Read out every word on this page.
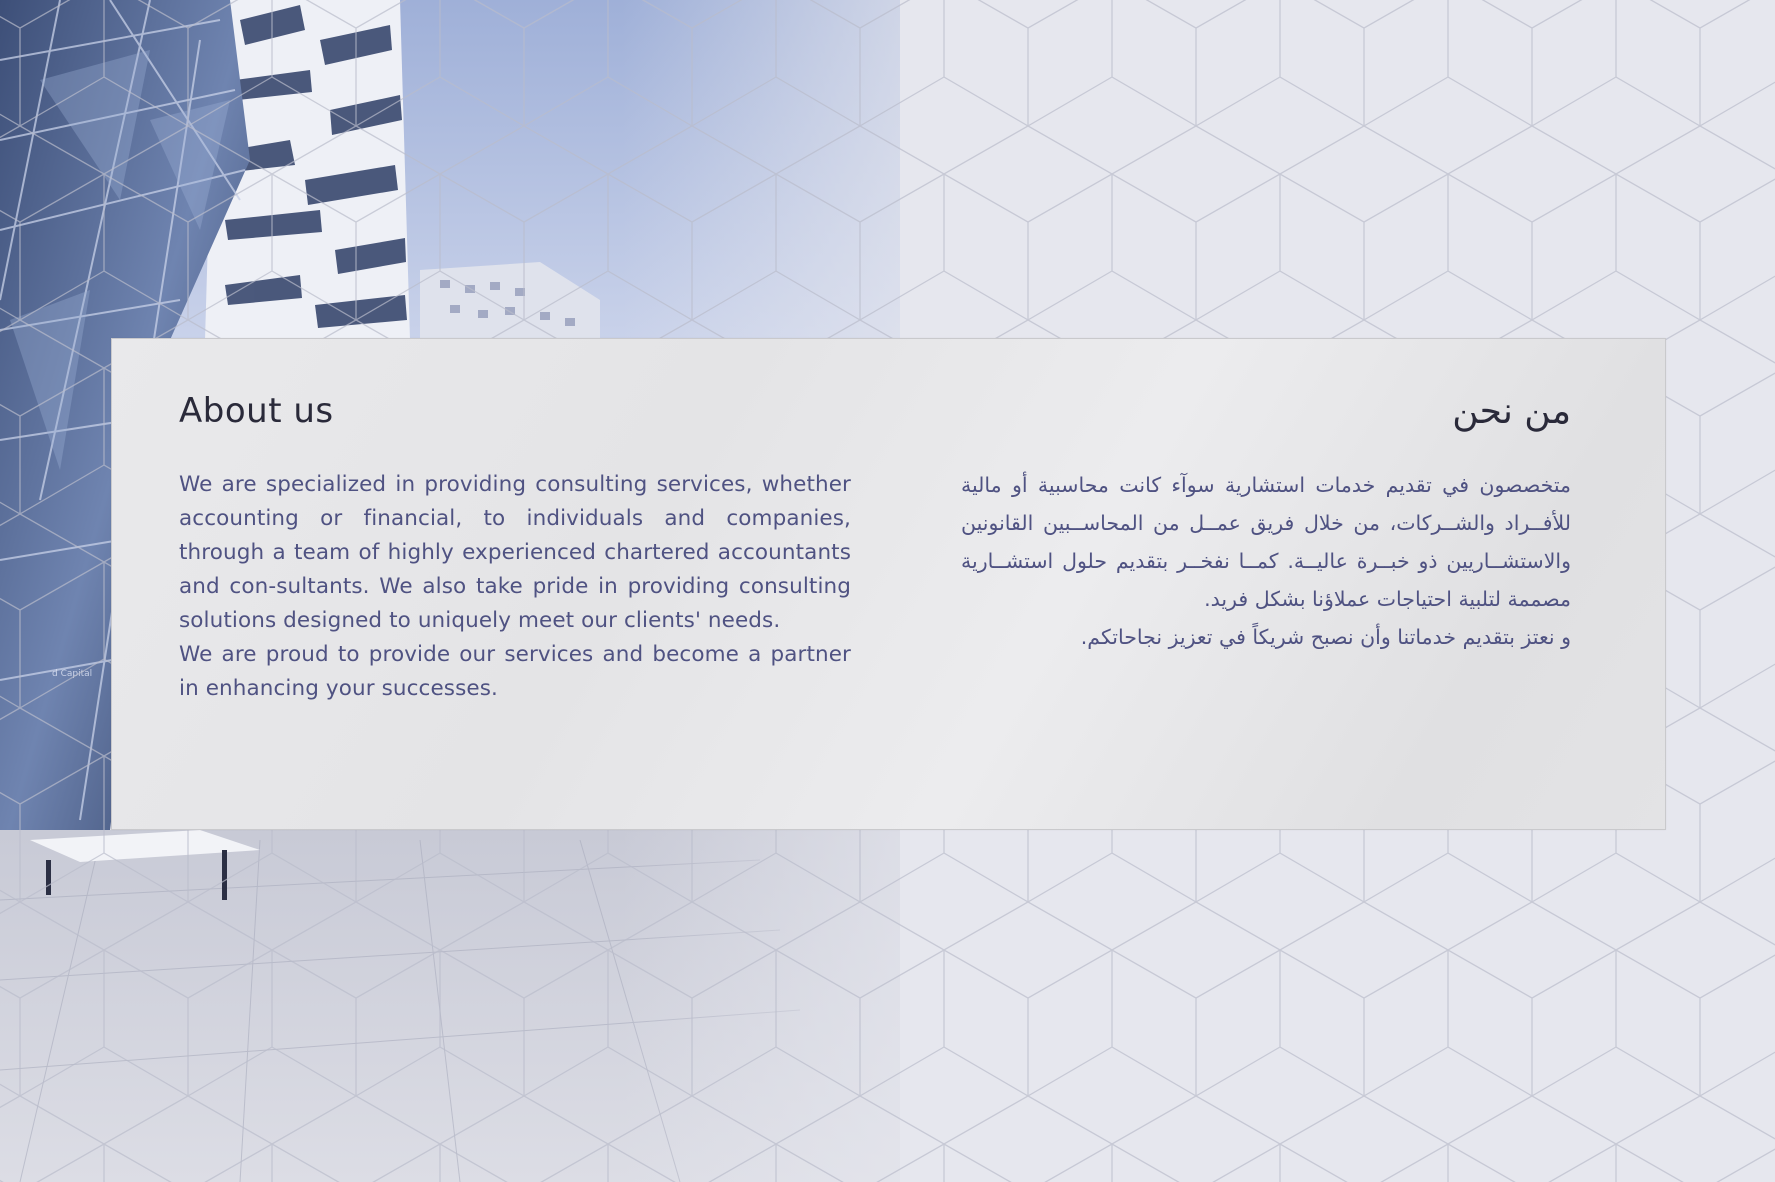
About us

We are specialized in providing consulting services, whether accounting or financial, to individuals and companies, through a team of highly experienced chartered accountants and con-sultants. We also take pride in providing consulting solutions designed to uniquely meet our clients' needs.

We are proud to provide our services and become a partner in enhancing your successes.

من نحن

متخصصون في تقديم خدمات استشارية سوآء كانت محاسبية أو مالية للأفــراد والشــركات، من خلال فريق عمــل من المحاســبين القانونين والاستشــاريين ذو خبــرة عاليــة. كمــا نفخــر بتقديم حلول استشــارية مصممة لتلبية احتياجات عملاؤنا بشكل فريد.

و نعتز بتقديم خدماتنا وأن نصبح شريكاً في تعزيز نجاحاتكم.
